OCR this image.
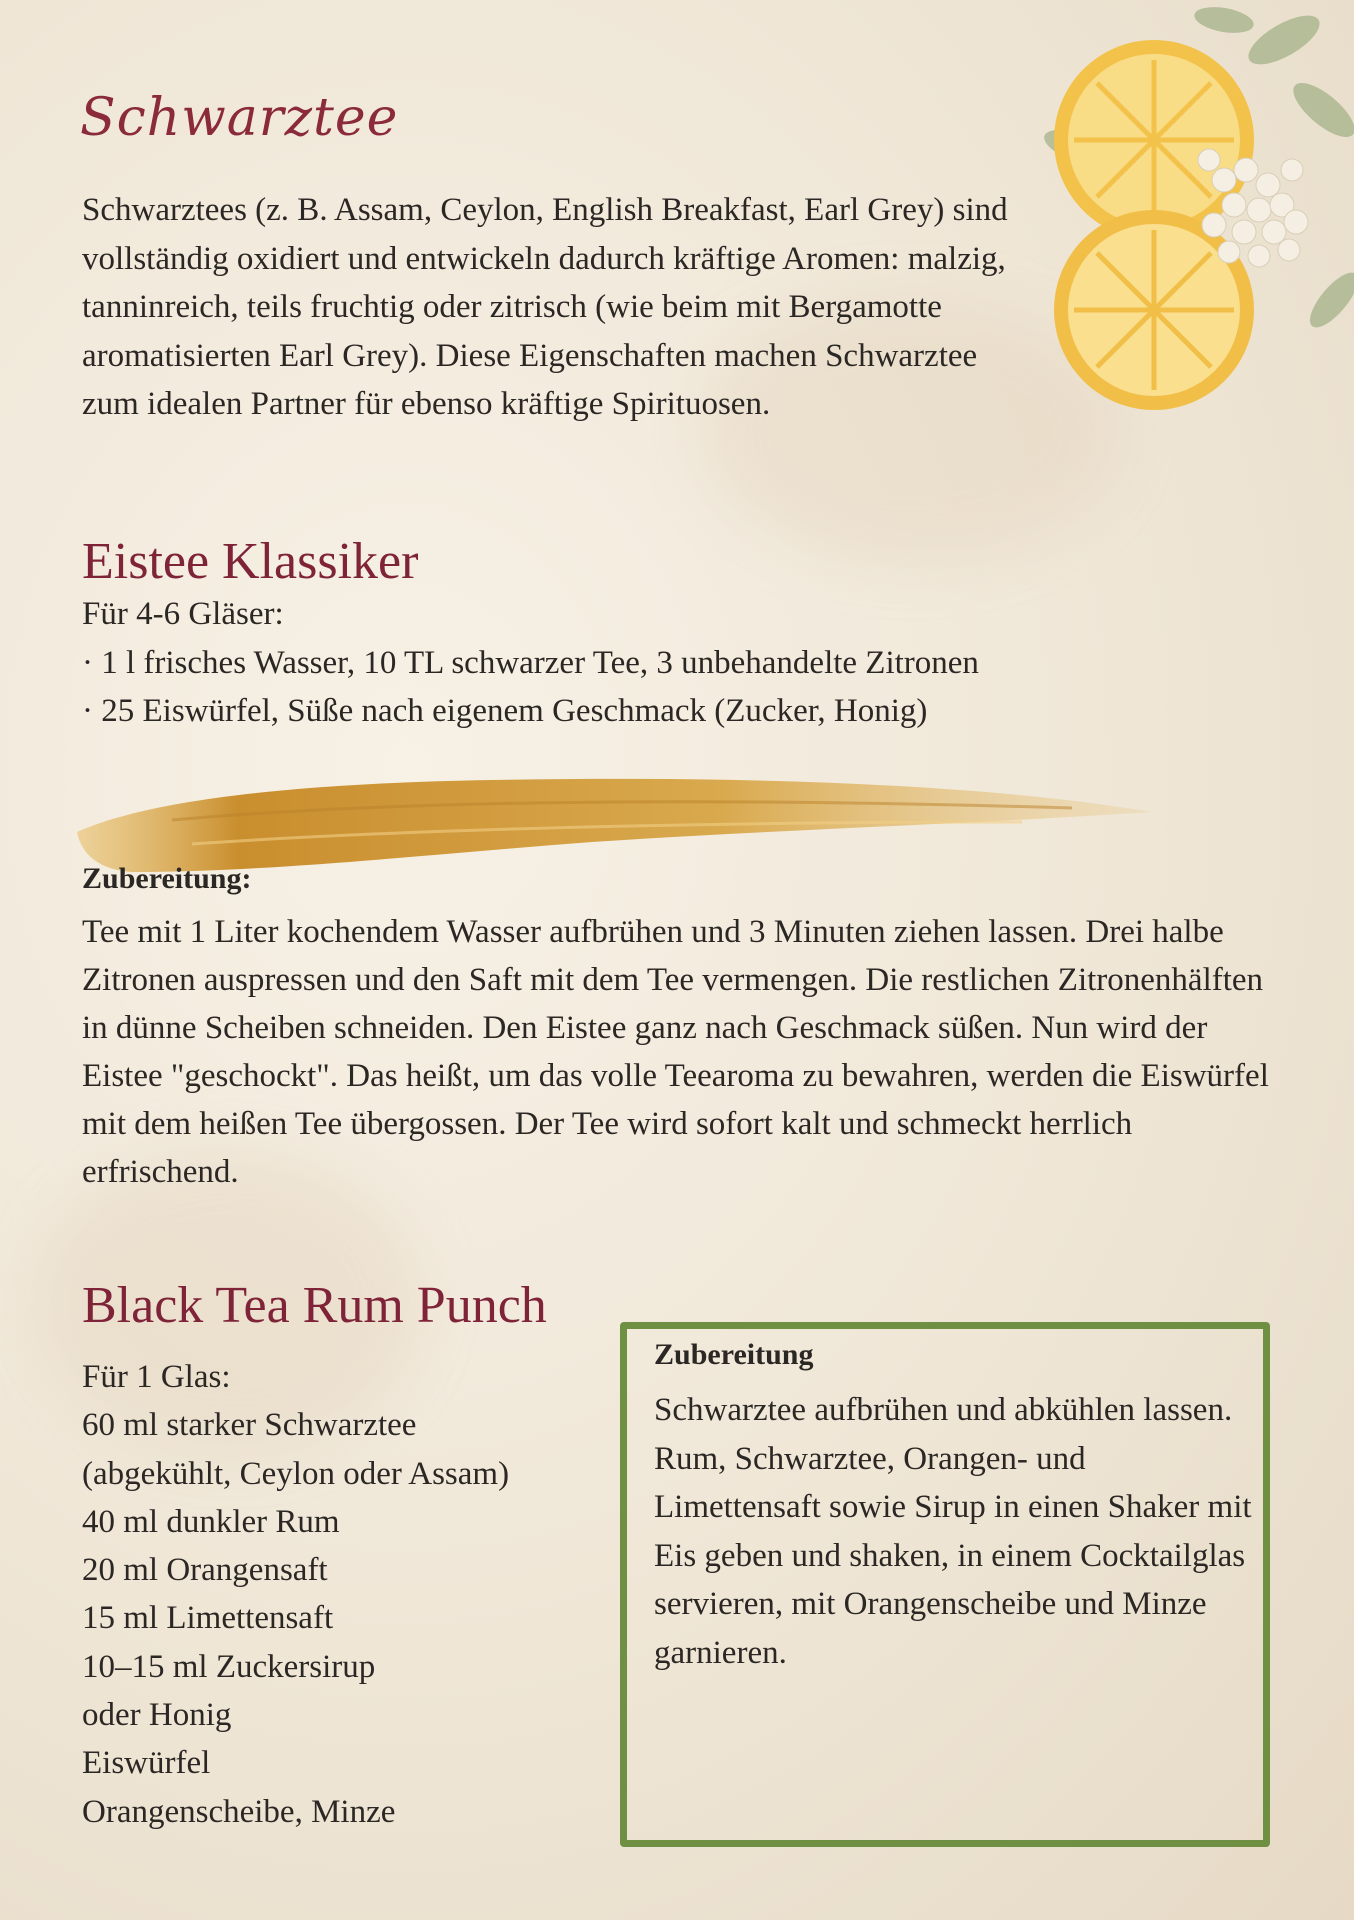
Schwarztee

Schwarztees (z. B. Assam, Ceylon, English Breakfast, Earl Grey) sind vollständig oxidiert und entwickeln dadurch kräftige Aromen: malzig, tanninreich, teils fruchtig oder zitrisch (wie beim mit Bergamotte aromatisierten Earl Grey). Diese Eigenschaften machen Schwarztee zum idealen Partner für ebenso kräftige Spirituosen.

Eistee Klassiker

Für 4-6 Gläser:

· 1 l frisches Wasser, 10 TL schwarzer Tee, 3 unbehandelte Zitronen

· 25 Eiswürfel, Süße nach eigenem Geschmack (Zucker, Honig)

Zubereitung:

Tee mit 1 Liter kochendem Wasser aufbrühen und 3 Minuten ziehen lassen. Drei halbe Zitronen auspressen und den Saft mit dem Tee vermengen. Die restlichen Zitronenhälften in dünne Scheiben schneiden. Den Eistee ganz nach Geschmack süßen. Nun wird der Eistee "geschockt". Das heißt, um das volle Teearoma zu bewahren, werden die Eiswürfel mit dem heißen Tee übergossen. Der Tee wird sofort kalt und schmeckt herrlich erfrischend.

Black Tea Rum Punch
Für 1 Glas:
60 ml starker Schwarztee
(abgekühlt, Ceylon oder Assam)
40 ml dunkler Rum
20 ml Orangensaft
15 ml Limettensaft
10–15 ml Zuckersirup
oder Honig
Eiswürfel
Orangenscheibe, Minze

Zubereitung

Schwarztee aufbrühen und abkühlen lassen. Rum, Schwarztee, Orangen- und Limettensaft sowie Sirup in einen Shaker mit Eis geben und shaken, in einem Cocktailglas servieren, mit Orangenscheibe und Minze garnieren.
